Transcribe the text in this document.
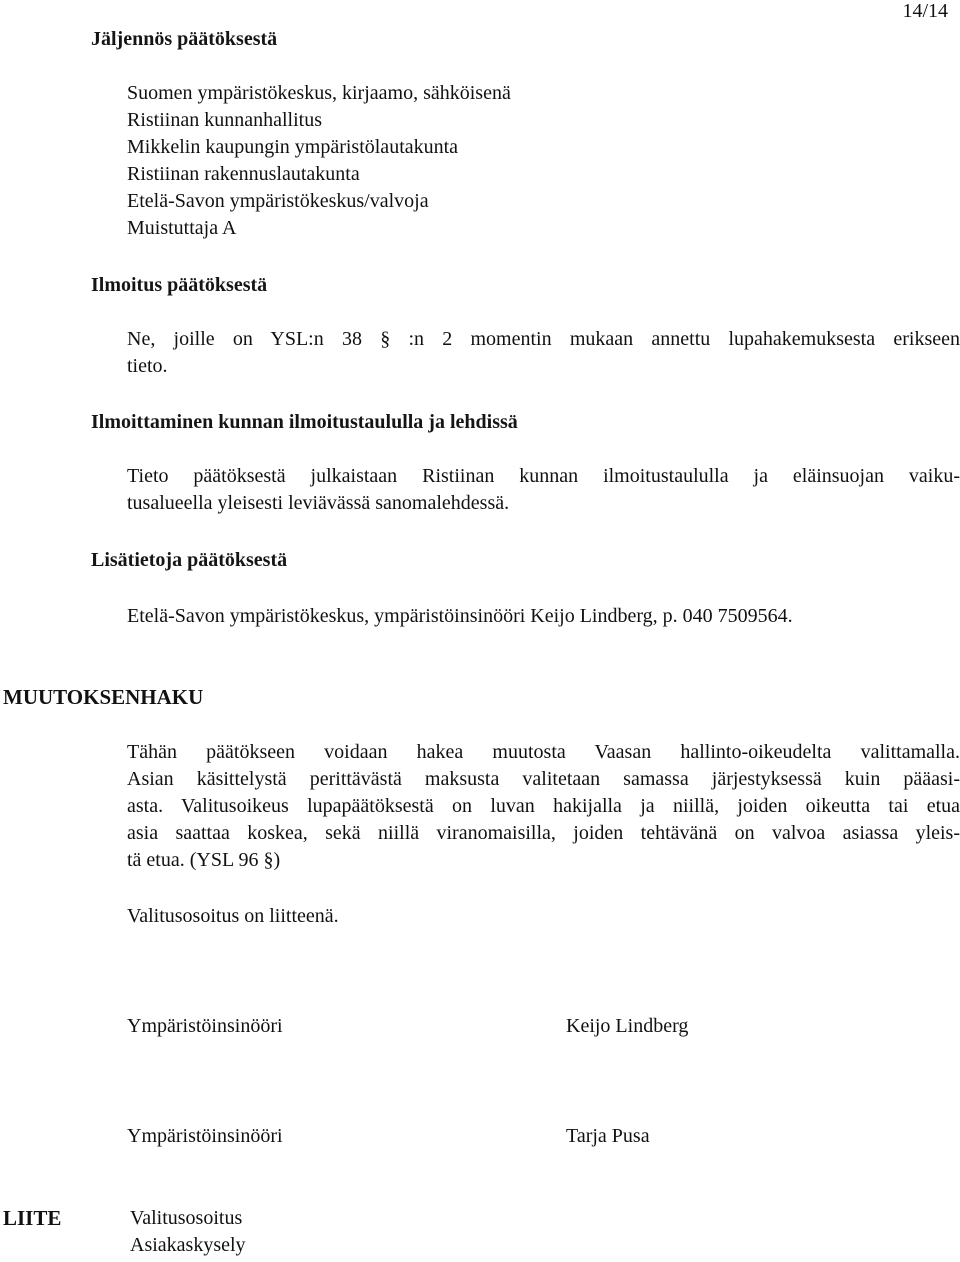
14/14
Jäljennös päätöksestä
Suomen ympäristökeskus, kirjaamo, sähköisenä
Ristiinan kunnanhallitus
Mikkelin kaupungin ympäristölautakunta
Ristiinan rakennuslautakunta
Etelä-Savon ympäristökeskus/valvoja
Muistuttaja A
Ilmoitus päätöksestä
Ne, joille on YSL:n 38 § :n 2 momentin mukaan annettu lupahakemuksesta erikseen
tieto.
Ilmoittaminen kunnan ilmoitustaululla ja lehdissä
Tieto päätöksestä julkaistaan Ristiinan kunnan ilmoitustaululla ja eläinsuojan vaiku-
tusalueella yleisesti leviävässä sanomalehdessä.
Lisätietoja päätöksestä
Etelä-Savon ympäristökeskus, ympäristöinsinööri Keijo Lindberg, p. 040 7509564.
MUUTOKSENHAKU
Tähän päätökseen voidaan hakea muutosta Vaasan hallinto-oikeudelta valittamalla.
Asian käsittelystä perittävästä maksusta valitetaan samassa järjestyksessä kuin pääasi-
asta. Valitusoikeus lupapäätöksestä on luvan hakijalla ja niillä, joiden oikeutta tai etua
asia saattaa koskea, sekä niillä viranomaisilla, joiden tehtävänä on valvoa asiassa yleis-
tä etua. (YSL 96 §)
Valitusosoitus on liitteenä.
Ympäristöinsinööri	Keijo Lindberg
Ympäristöinsinööri	Tarja Pusa
LIITE	Valitusosoitus
Asiakaskysely
